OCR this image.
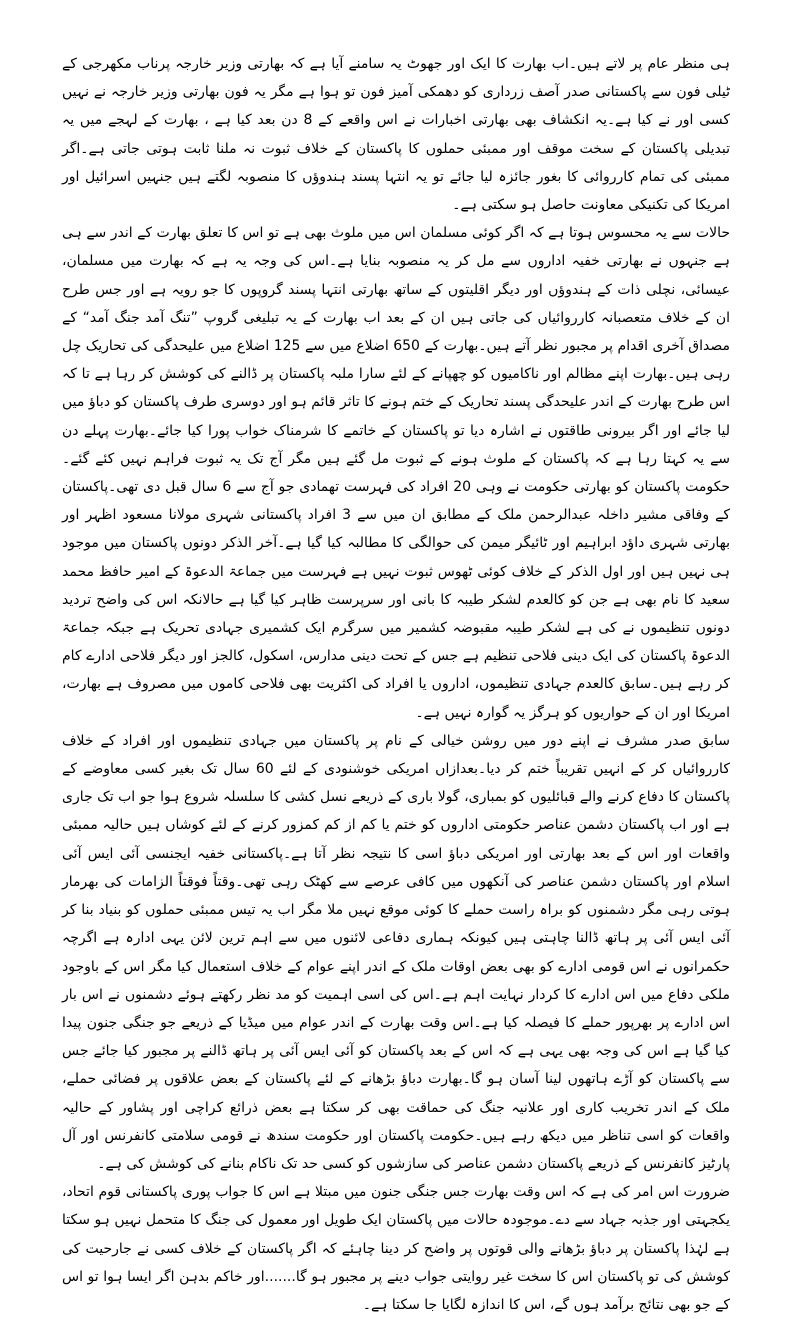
ہی منظر عام پر لاتے ہیں۔اب بھارت کا ایک اور جھوٹ یہ سامنے آیا ہے کہ بھارتی وزیر خارجہ پرناب مکھرجی کے ٹیلی فون سے پاکستانی صدر آصف زرداری کو دھمکی آمیز فون تو ہوا ہے مگر یہ فون بھارتی وزیر خارجہ نے نہیں کسی اور نے کیا ہے۔یہ انکشاف بھی بھارتی اخبارات نے اس واقعے کے 8 دن بعد کیا ہے ، بھارت کے لہجے میں یہ تبدیلی پاکستان کے سخت موقف اور ممبئی حملوں کا پاکستان کے خلاف ثبوت نہ ملنا ثابت ہوتی جاتی ہے۔اگر ممبئی کی تمام کارروائی کا بغور جائزہ لیا جائے تو یہ انتہا پسند ہندوؤں کا منصوبہ لگتے ہیں جنہیں اسرائیل اور امریکا کی تکنیکی معاونت حاصل ہو سکتی ہے۔

حالات سے یہ محسوس ہوتا ہے کہ اگر کوئی مسلمان اس میں ملوث بھی ہے تو اس کا تعلق بھارت کے اندر سے ہی ہے جنہوں نے بھارتی خفیہ اداروں سے مل کر یہ منصوبہ بنایا ہے۔اس کی وجہ یہ ہے کہ بھارت میں مسلمان، عیسائی، نچلی ذات کے ہندوؤں اور دیگر اقلیتوں کے ساتھ بھارتی انتہا پسند گروپوں کا جو رویہ ہے اور جس طرح ان کے خلاف متعصبانہ کارروائیاں کی جاتی ہیں ان کے بعد اب بھارت کے یہ تبلیغی گروپ ”تنگ آمد جنگ آمد“ کے مصداق آخری اقدام پر مجبور نظر آتے ہیں۔بھارت کے 650 اضلاع میں سے 125 اضلاع میں علیحدگی کی تحاریک چل رہی ہیں۔بھارت اپنے مظالم اور ناکامیوں کو چھپانے کے لئے سارا ملبہ پاکستان پر ڈالنے کی کوشش کر رہا ہے تا کہ اس طرح بھارت کے اندر علیحدگی پسند تحاریک کے ختم ہونے کا تاثر قائم ہو اور دوسری طرف پاکستان کو دباؤ میں لیا جائے اور اگر بیرونی طاقتوں نے اشارہ دیا تو پاکستان کے خاتمے کا شرمناک خواب پورا کیا جائے۔بھارت پہلے دن سے یہ کہتا رہا ہے کہ پاکستان کے ملوث ہونے کے ثبوت مل گئے ہیں مگر آج تک یہ ثبوت فراہم نہیں کئے گئے۔حکومت پاکستان کو بھارتی حکومت نے وہی 20 افراد کی فہرست تھمادی جو آج سے 6 سال قبل دی تھی۔پاکستان کے وفاقی مشیر داخلہ عبدالرحمن ملک کے مطابق ان میں سے 3 افراد پاکستانی شہری مولانا مسعود اظہر اور بھارتی شہری داؤد ابراہیم اور ٹائیگر میمن کی حوالگی کا مطالبہ کیا گیا ہے۔آخر الذکر دونوں پاکستان میں موجود ہی نہیں ہیں اور اول الذکر کے خلاف کوئی ٹھوس ثبوت نہیں ہے فہرست میں جماعۃ الدعوۃ کے امیر حافظ محمد سعید کا نام بھی ہے جن کو کالعدم لشکر طیبہ کا بانی اور سرپرست ظاہر کیا گیا ہے حالانکہ اس کی واضح تردید دونوں تنظیموں نے کی ہے لشکر طیبہ مقبوضہ کشمیر میں سرگرم ایک کشمیری جہادی تحریک ہے جبکہ جماعۃ الدعوۃ پاکستان کی ایک دینی فلاحی تنظیم ہے جس کے تحت دینی مدارس، اسکول، کالجز اور دیگر فلاحی ادارے کام کر رہے ہیں۔سابق کالعدم جہادی تنظیموں، اداروں یا افراد کی اکثریت بھی فلاحی کاموں میں مصروف ہے بھارت، امریکا اور ان کے حواریوں کو ہرگز یہ گوارہ نہیں ہے۔

سابق صدر مشرف نے اپنے دور میں روشن خیالی کے نام پر پاکستان میں جہادی تنظیموں اور افراد کے خلاف کارروائیاں کر کے انہیں تقریباً ختم کر دیا۔بعدازاں امریکی خوشنودی کے لئے 60 سال تک بغیر کسی معاوضے کے پاکستان کا دفاع کرنے والے قبائلیوں کو بمباری، گولا باری کے ذریعے نسل کشی کا سلسلہ شروع ہوا جو اب تک جاری ہے اور اب پاکستان دشمن عناصر حکومتی اداروں کو ختم یا کم از کم کمزور کرنے کے لئے کوشاں ہیں حالیہ ممبئی واقعات اور اس کے بعد بھارتی اور امریکی دباؤ اسی کا نتیجہ نظر آتا ہے۔پاکستانی خفیہ ایجنسی آئی ایس آئی اسلام اور پاکستان دشمن عناصر کی آنکھوں میں کافی عرصے سے کھٹک رہی تھی۔وقتاً فوقتاً الزامات کی بھرمار ہوتی رہی مگر دشمنوں کو براہ راست حملے کا کوئی موقع نہیں ملا مگر اب یہ تیس ممبئی حملوں کو بنیاد بنا کر آئی ایس آئی پر ہاتھ ڈالنا چاہتی ہیں کیونکہ ہماری دفاعی لائنوں میں سے اہم ترین لائن یہی ادارہ ہے اگرچہ حکمرانوں نے اس قومی ادارے کو بھی بعض اوقات ملک کے اندر اپنے عوام کے خلاف استعمال کیا مگر اس کے باوجود ملکی دفاع میں اس ادارے کا کردار نہایت اہم ہے۔اس کی اسی اہمیت کو مد نظر رکھتے ہوئے دشمنوں نے اس بار اس ادارے پر بھرپور حملے کا فیصلہ کیا ہے۔اس وقت بھارت کے اندر عوام میں میڈیا کے ذریعے جو جنگی جنون پیدا کیا گیا ہے اس کی وجہ بھی یہی ہے کہ اس کے بعد پاکستان کو آئی ایس آئی پر ہاتھ ڈالنے پر مجبور کیا جائے جس سے پاکستان کو آڑے ہاتھوں لینا آسان ہو گا۔بھارت دباؤ بڑھانے کے لئے پاکستان کے بعض علاقوں پر فضائی حملے، ملک کے اندر تخریب کاری اور علانیہ جنگ کی حماقت بھی کر سکتا ہے بعض ذرائع کراچی اور پشاور کے حالیہ واقعات کو اسی تناظر میں دیکھ رہے ہیں۔حکومت پاکستان اور حکومت سندھ نے قومی سلامتی کانفرنس اور آل پارٹیز کانفرنس کے ذریعے پاکستان دشمن عناصر کی سازشوں کو کسی حد تک ناکام بنانے کی کوشش کی ہے۔

ضرورت اس امر کی ہے کہ اس وقت بھارت جس جنگی جنون میں مبتلا ہے اس کا جواب پوری پاکستانی قوم اتحاد، یکجہتی اور جذبہ جہاد سے دے۔موجودہ حالات میں پاکستان ایک طویل اور معمول کی جنگ کا متحمل نہیں ہو سکتا ہے لہٰذا پاکستان پر دباؤ بڑھانے والی قوتوں پر واضح کر دینا چاہئے کہ اگر پاکستان کے خلاف کسی نے جارحیت کی کوشش کی تو پاکستان اس کا سخت غیر روایتی جواب دینے پر مجبور ہو گا.......اور خاکم بدہن اگر ایسا ہوا تو اس کے جو بھی نتائج برآمد ہوں گے، اس کا اندازہ لگایا جا سکتا ہے۔
